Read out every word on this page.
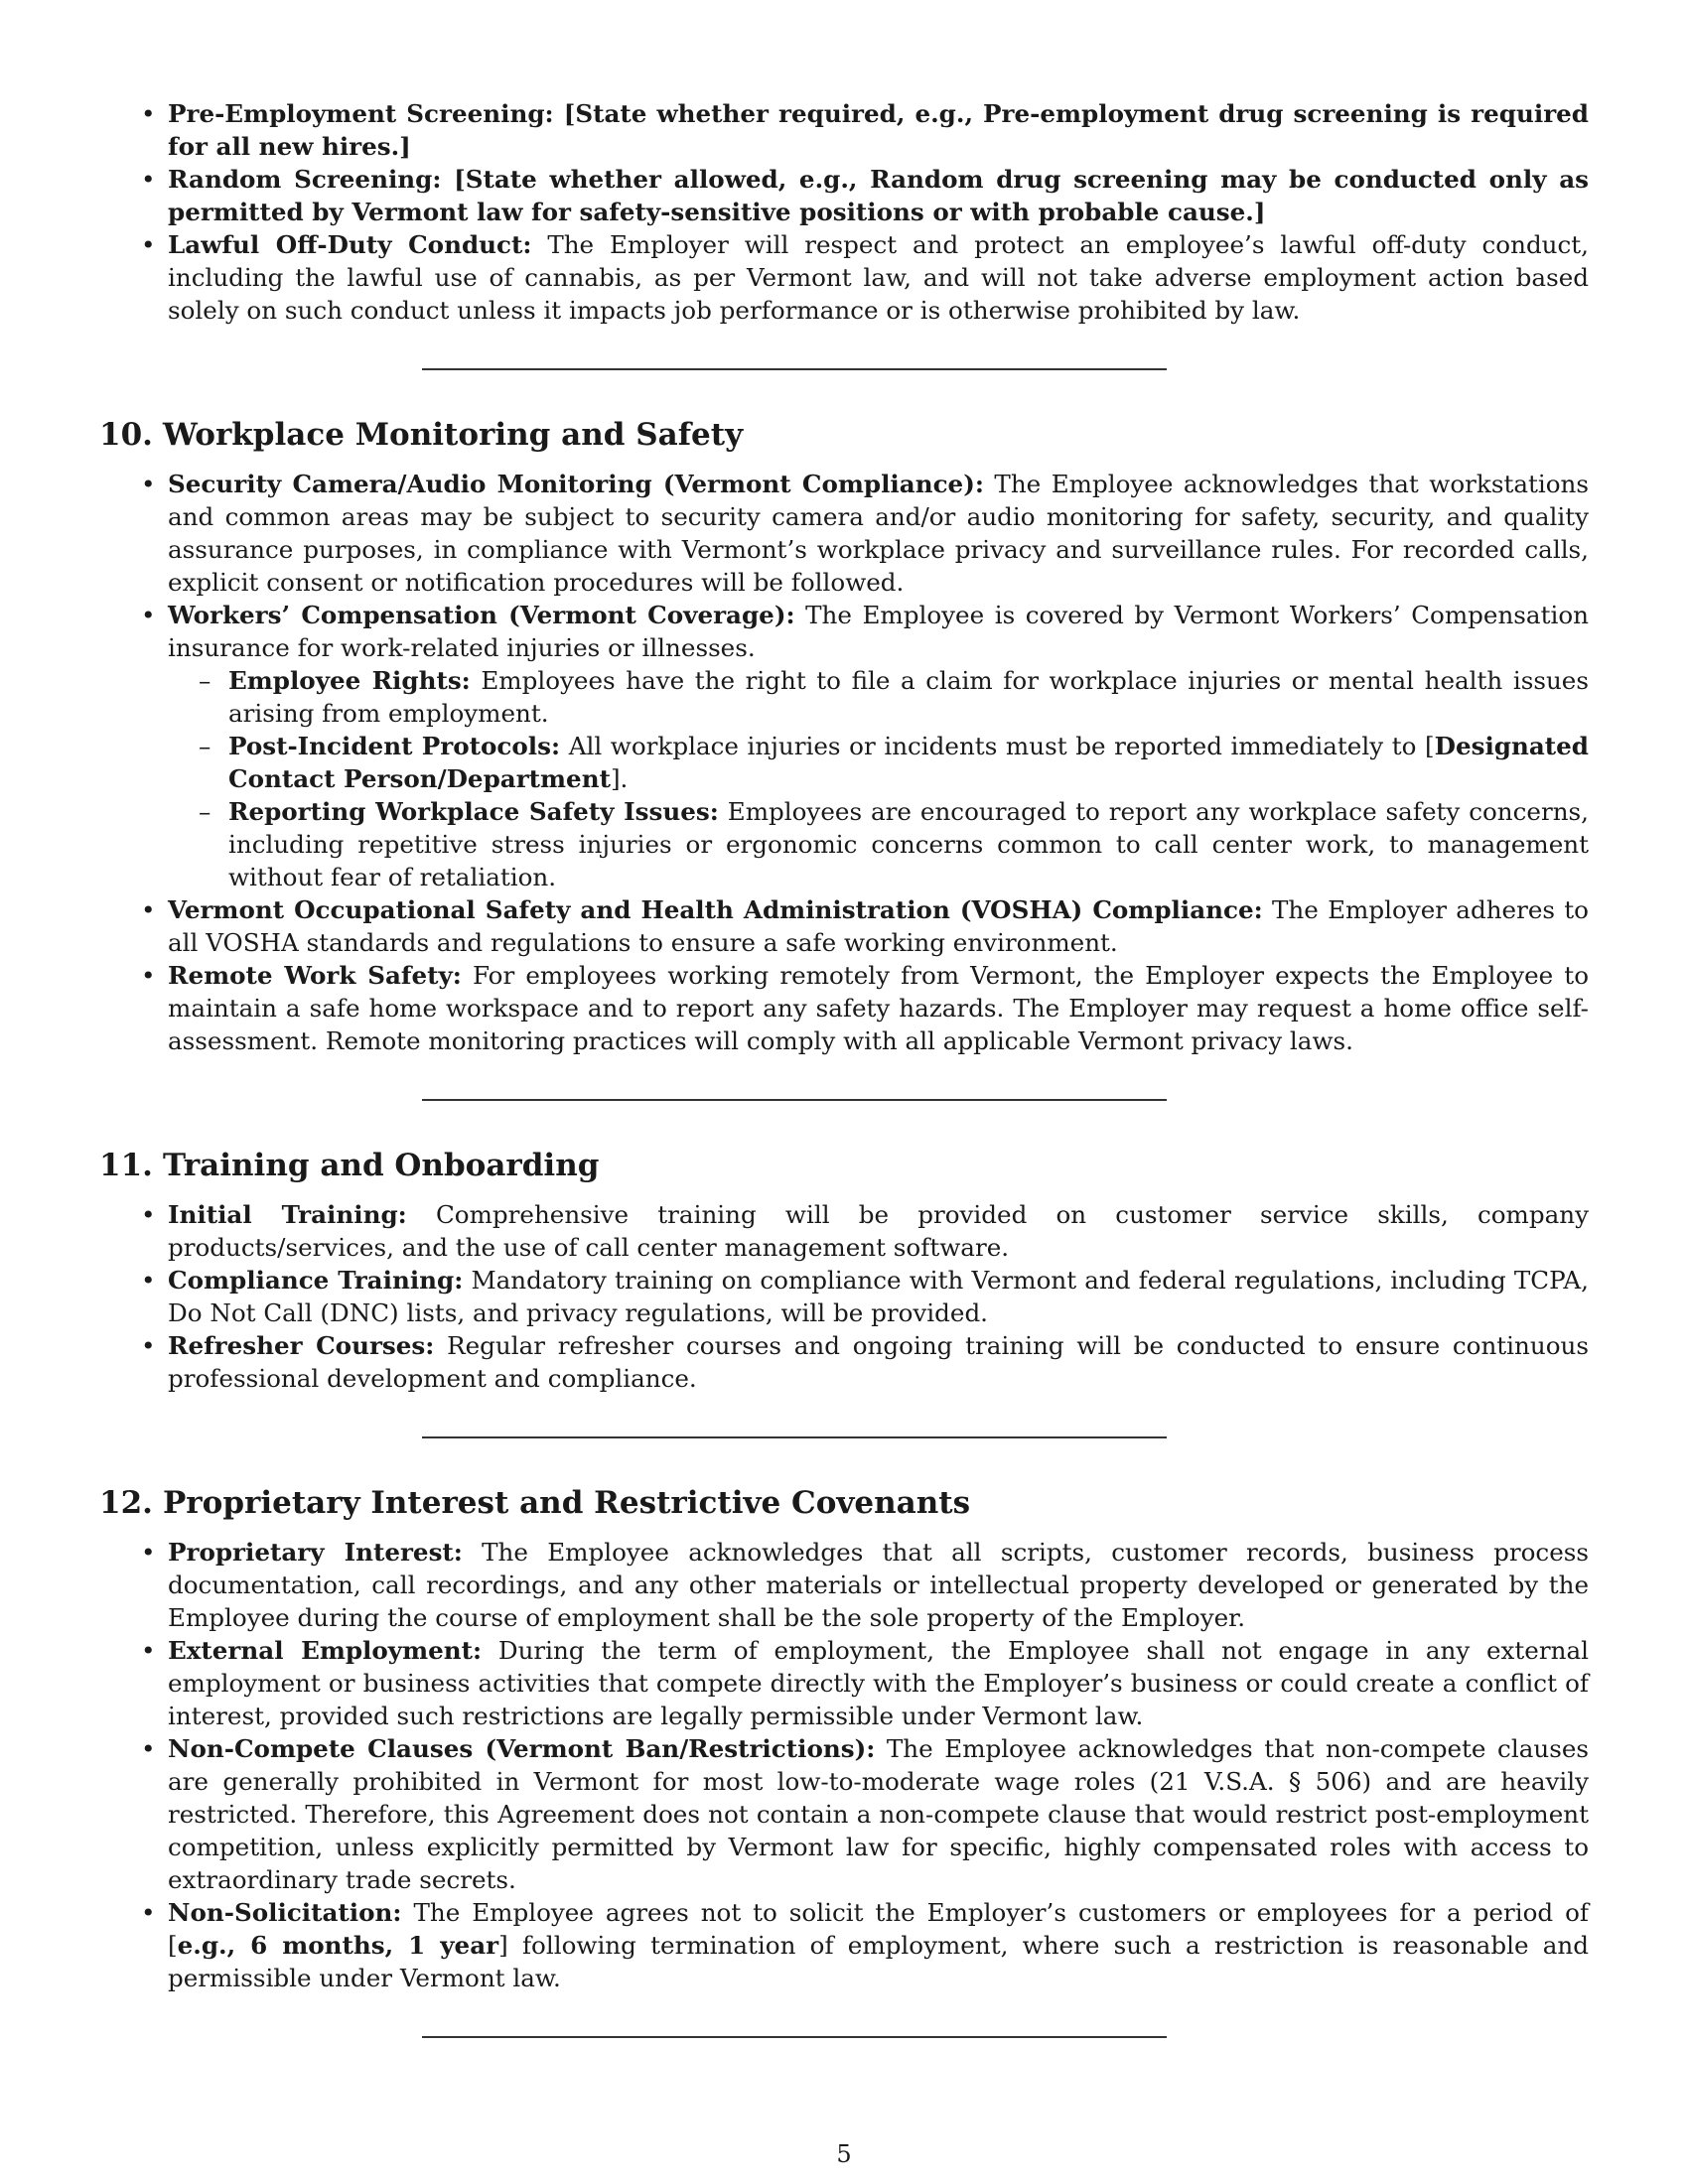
• Pre-Employment Screening: [State whether required, e.g., Pre-employment drug screening is required for all new hires.]
• Random Screening: [State whether allowed, e.g., Random drug screening may be conducted only as permitted by Vermont law for safety-sensitive positions or with probable cause.]
• Lawful Off-Duty Conduct: The Employer will respect and protect an employee’s lawful off-duty conduct, including the lawful use of cannabis, as per Vermont law, and will not take adverse employment action based solely on such conduct unless it impacts job performance or is otherwise prohibited by law.
10. Workplace Monitoring and Safety
• Security Camera/Audio Monitoring (Vermont Compliance): The Employee acknowledges that workstations and common areas may be subject to security camera and/or audio monitoring for safety, security, and quality assurance purposes, in compliance with Vermont’s workplace privacy and surveillance rules. For recorded calls, explicit consent or notification procedures will be followed.
• Workers’ Compensation (Vermont Coverage): The Employee is covered by Vermont Workers’ Compensation insurance for work-related injuries or illnesses.
– Employee Rights: Employees have the right to file a claim for workplace injuries or mental health issues arising from employment.
– Post-Incident Protocols: All workplace injuries or incidents must be reported immediately to [Designated Contact Person/Department].
– Reporting Workplace Safety Issues: Employees are encouraged to report any workplace safety concerns, including repetitive stress injuries or ergonomic concerns common to call center work, to management without fear of retaliation.
• Vermont Occupational Safety and Health Administration (VOSHA) Compliance: The Employer adheres to all VOSHA standards and regulations to ensure a safe working environment.
• Remote Work Safety: For employees working remotely from Vermont, the Employer expects the Employee to maintain a safe home workspace and to report any safety hazards. The Employer may request a home office self-assessment. Remote monitoring practices will comply with all applicable Vermont privacy laws.
11. Training and Onboarding
• Initial Training: Comprehensive training will be provided on customer service skills, company products/services, and the use of call center management software.
• Compliance Training: Mandatory training on compliance with Vermont and federal regulations, including TCPA, Do Not Call (DNC) lists, and privacy regulations, will be provided.
• Refresher Courses: Regular refresher courses and ongoing training will be conducted to ensure continuous professional development and compliance.
12. Proprietary Interest and Restrictive Covenants
• Proprietary Interest: The Employee acknowledges that all scripts, customer records, business process documentation, call recordings, and any other materials or intellectual property developed or generated by the Employee during the course of employment shall be the sole property of the Employer.
• External Employment: During the term of employment, the Employee shall not engage in any external employment or business activities that compete directly with the Employer’s business or could create a conflict of interest, provided such restrictions are legally permissible under Vermont law.
• Non-Compete Clauses (Vermont Ban/Restrictions): The Employee acknowledges that non-compete clauses are generally prohibited in Vermont for most low-to-moderate wage roles (21 V.S.A. § 506) and are heavily restricted. Therefore, this Agreement does not contain a non-compete clause that would restrict post-employment competition, unless explicitly permitted by Vermont law for specific, highly compensated roles with access to extraordinary trade secrets.
• Non-Solicitation: The Employee agrees not to solicit the Employer’s customers or employees for a period of [e.g., 6 months, 1 year] following termination of employment, where such a restriction is reasonable and permissible under Vermont law.
5
